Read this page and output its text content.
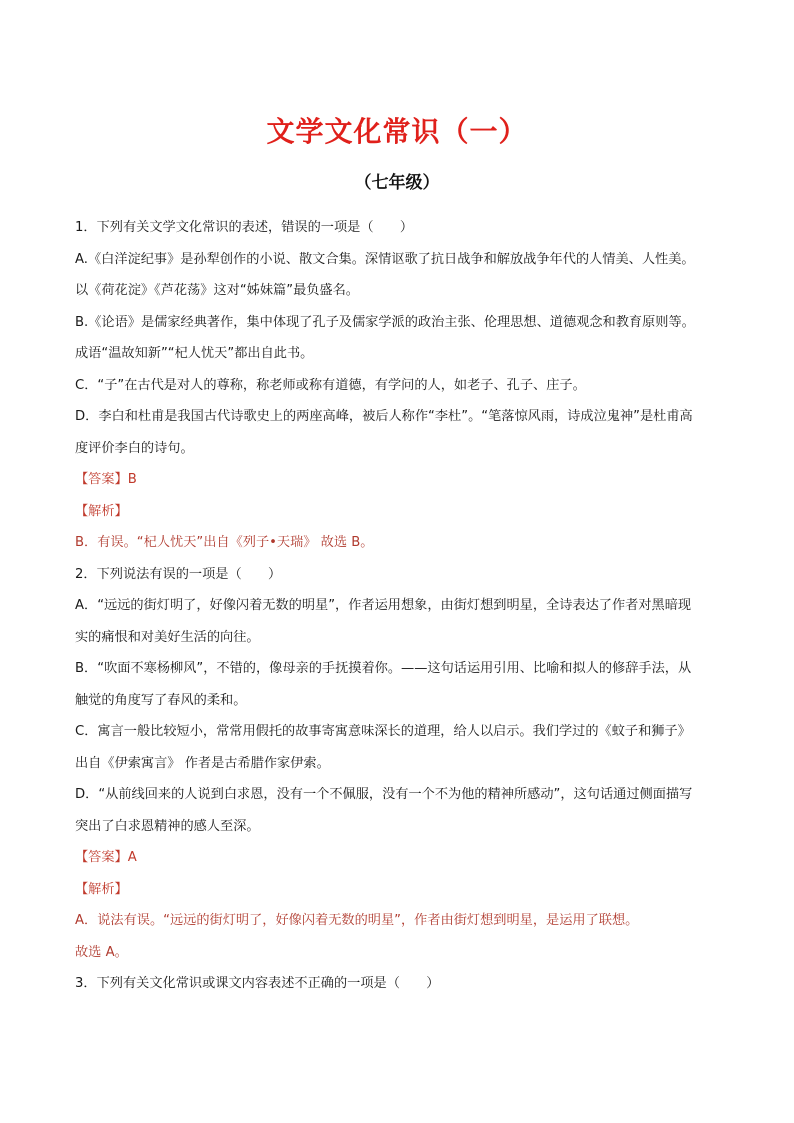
文学文化常识（一）
（七年级）
1．下列有关文学文化常识的表述，错误的一项是（　　）
A.《白洋淀纪事》是孙犁创作的小说、散文合集。深情讴歌了抗日战争和解放战争年代的人情美、人性美。
以《荷花淀》《芦花荡》这对“姊妹篇”最负盛名。
B.《论语》是儒家经典著作，集中体现了孔子及儒家学派的政治主张、伦理思想、道德观念和教育原则等。
成语“温故知新”“杞人忧天”都出自此书。
C．“子”在古代是对人的尊称，称老师或称有道德，有学问的人，如老子、孔子、庄子。
D．李白和杜甫是我国古代诗歌史上的两座高峰，被后人称作“李杜”。“笔落惊风雨，诗成泣鬼神”是杜甫高
度评价李白的诗句。
【答案】B
【解析】
B．有误。“杞人忧天”出自《列子•天瑞》 故选 B。
2．下列说法有误的一项是（　　）
A．“远远的街灯明了，好像闪着无数的明星”，作者运用想象，由街灯想到明星，全诗表达了作者对黑暗现
实的痛恨和对美好生活的向往。
B．“吹面不寒杨柳风”，不错的，像母亲的手抚摸着你。——这句话运用引用、比喻和拟人的修辞手法，从
触觉的角度写了春风的柔和。
C．寓言一般比较短小，常常用假托的故事寄寓意味深长的道理，给人以启示。我们学过的《蚊子和狮子》
出自《伊索寓言》 作者是古希腊作家伊索。
D．“从前线回来的人说到白求恩，没有一个不佩服，没有一个不为他的精神所感动”，这句话通过侧面描写
突出了白求恩精神的感人至深。
【答案】A
【解析】
A．说法有误。“远远的街灯明了，好像闪着无数的明星”，作者由街灯想到明星，是运用了联想。
故选 A。
3．下列有关文化常识或课文内容表述不正确的一项是（　　）
